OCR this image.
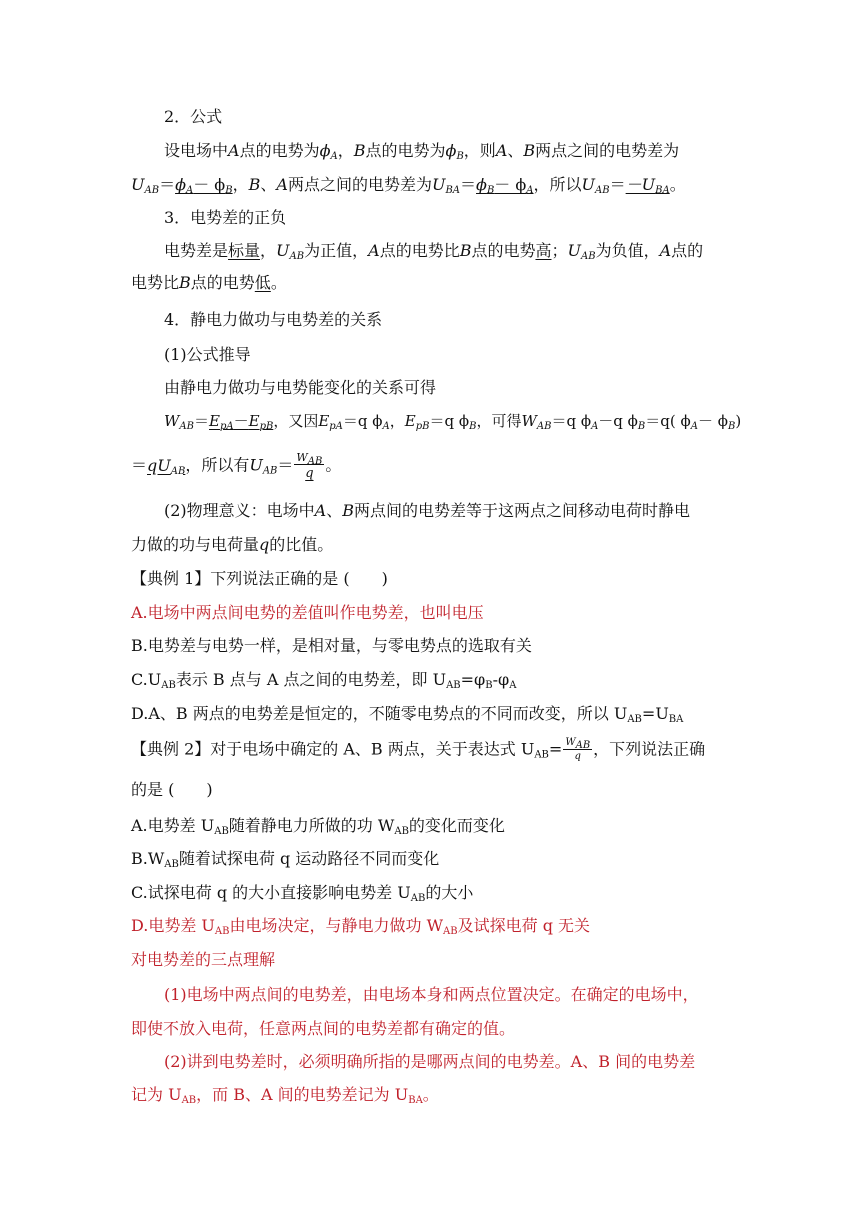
2．公式
设电场中A点的电势为$\phi_A$，B点的电势为$\phi_B$，则A、B两点之间的电势差为
$U_{AB}=\phi_A- \phi_B$，B、A两点之间的电势差为$U_{BA}=\phi_B- \phi_A$，所以$U_{AB}=-U_{BA}$。
3．电势差的正负
电势差是标量，$U_{AB}$为正值，A点的电势比B点的电势高；$U_{AB}$为负值，A点的
电势比B点的电势低。
4．静电力做功与电势差的关系
(1)公式推导
由静电力做功与电势能变化的关系可得
$W_{AB}=E_{pA}-E_{pB}$，又因$E_{pA}=q$ $\phi_A$，$E_{pB}=q$ $\phi_B$，可得$W_{AB}=q$ $\phi_A-q$ $\phi_B=q$( $\phi_A- \phi_B$)
$=qU_{AB}$，所以有$U_{AB}= \frac{\text{WAB}}{q}$ 。
(2)物理意义：电场中A、B两点间的电势差等于这两点之间移动电荷时静电
力做的功与电荷量q的比值。
【典例 1】下列说法正确的是 (　　)
A.电场中两点间电势的差值叫作电势差，也叫电压
B.电势差与电势一样，是相对量，与零电势点的选取有关
$C.U_{AB}$表示 B 点与 A 点之间的电势差，即 $U_{AB}=\varphi_B-\varphi_A$
D.A、B 两点的电势差是恒定的，不随零电势点的不同而改变，所以 $U_{AB}=U_{BA}$
【典例 2】对于电场中确定的 A、B 两点，关于表达式 $U_{AB}= \frac{\text{WAB}}{q}$ ，下列说法正确
的是 (　　)
A.电势差 $U_{AB}$随着静电力所做的功 $W_{AB}$的变化而变化
$B.W_{AB}$随着试探电荷 q 运动路径不同而变化
C.试探电荷 q 的大小直接影响电势差 $U_{AB}$的大小
D.电势差 $U_{AB}$由电场决定，与静电力做功 $W_{AB}$及试探电荷 q 无关
对电势差的三点理解
(1)电场中两点间的电势差，由电场本身和两点位置决定。在确定的电场中，
即使不放入电荷，任意两点间的电势差都有确定的值。
(2)讲到电势差时，必须明确所指的是哪两点间的电势差。A、B 间的电势差
记为 $U_{AB}$，而 B、A 间的电势差记为 $U_{BA}$。
